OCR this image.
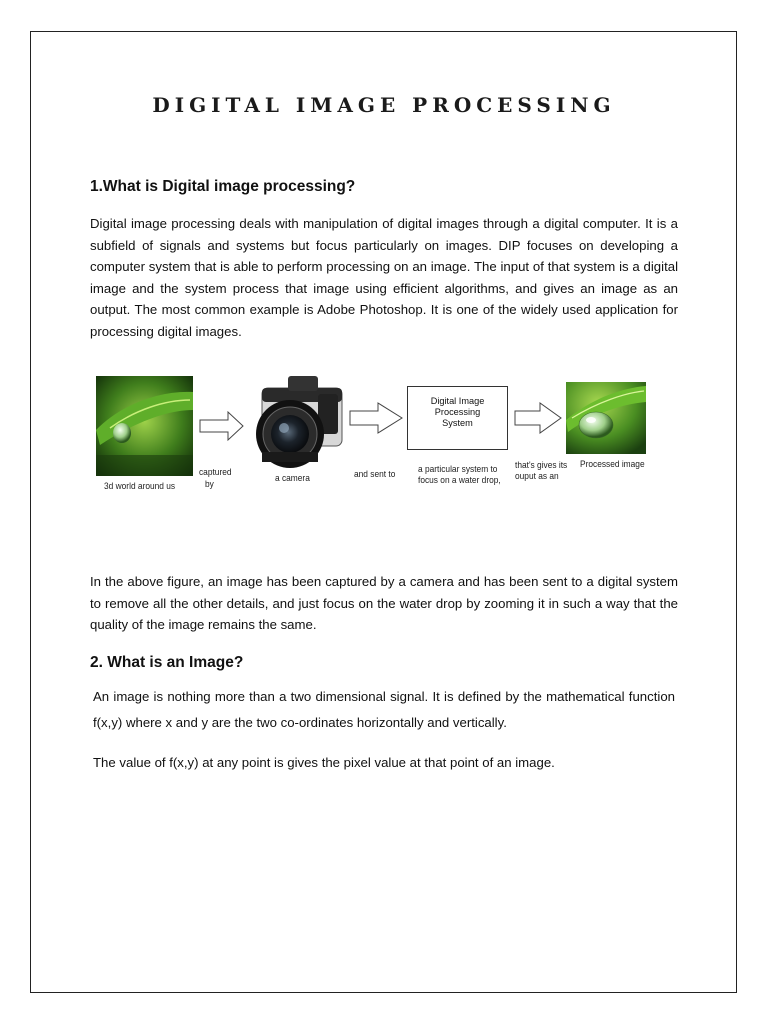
DIGITAL IMAGE PROCESSING
1.What is Digital image processing?

Digital image processing deals with manipulation of digital images through a digital computer. It is a subfield of signals and systems but focus particularly on images. DIP focuses on developing a computer system that is able to perform processing on an image. The input of that system is a digital image and the system process that image using efficient algorithms, and gives an image as an output. The most common example is Adobe Photoshop. It is one of the widely used application for processing digital images.

3d world around us
captured
by
a camera	and sent to
Digital Image Processing
System
a particular system to
focus on a water drop,
that's gives its
ouput as an
Processed image

In the above figure, an image has been captured by a camera and has been sent to a digital system to remove all the other details, and just focus on the water drop by zooming it in such a way that the quality of the image remains the same.

2. What is an Image?

An image is nothing more than a two dimensional signal. It is defined by the mathematical function f(x,y) where x and y are the two co-ordinates horizontally and vertically.

The value of f(x,y) at any point is gives the pixel value at that point of an image.
